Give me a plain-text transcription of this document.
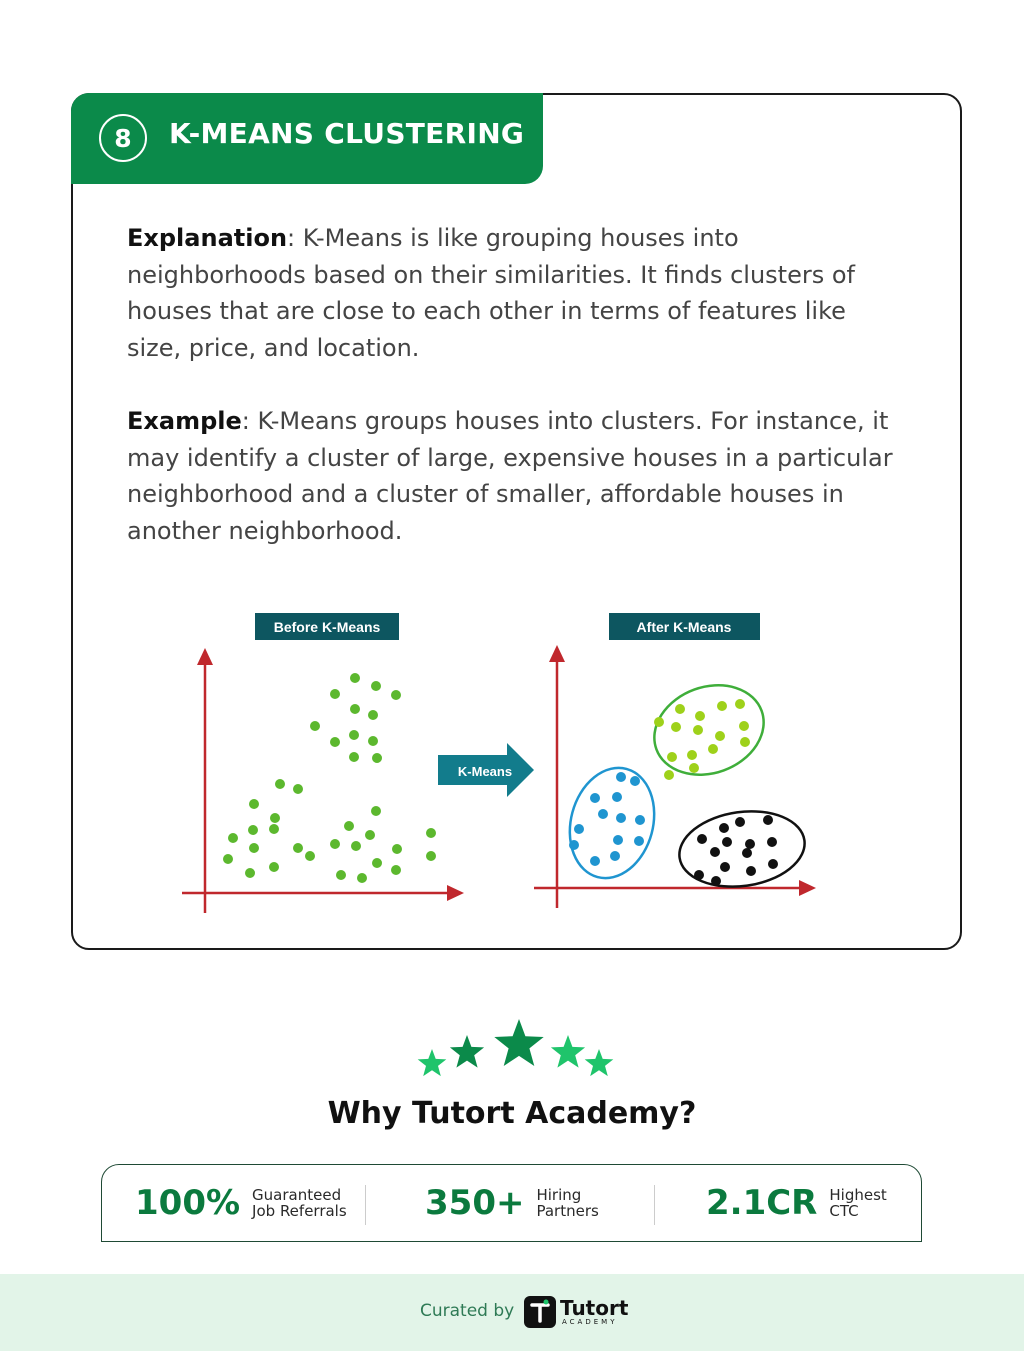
8	K-MEANS CLUSTERING
Explanation: K-Means is like grouping houses into neighborhoods based on their similarities. It finds clusters of houses that are close to each other in terms of features like size, price, and location.
Example: K-Means groups houses into clusters. For instance, it may identify a cluster of large, expensive houses in a particular neighborhood and a cluster of smaller, affordable houses in another neighborhood.
Before K-Means
K-Means
After K-Means
Why Tutort Academy?
100% Guaranteed
Job Referrals	350+ Hiring
Partners	2.1CR Highest
CTC
Curated by Tutort
ACADEMY
